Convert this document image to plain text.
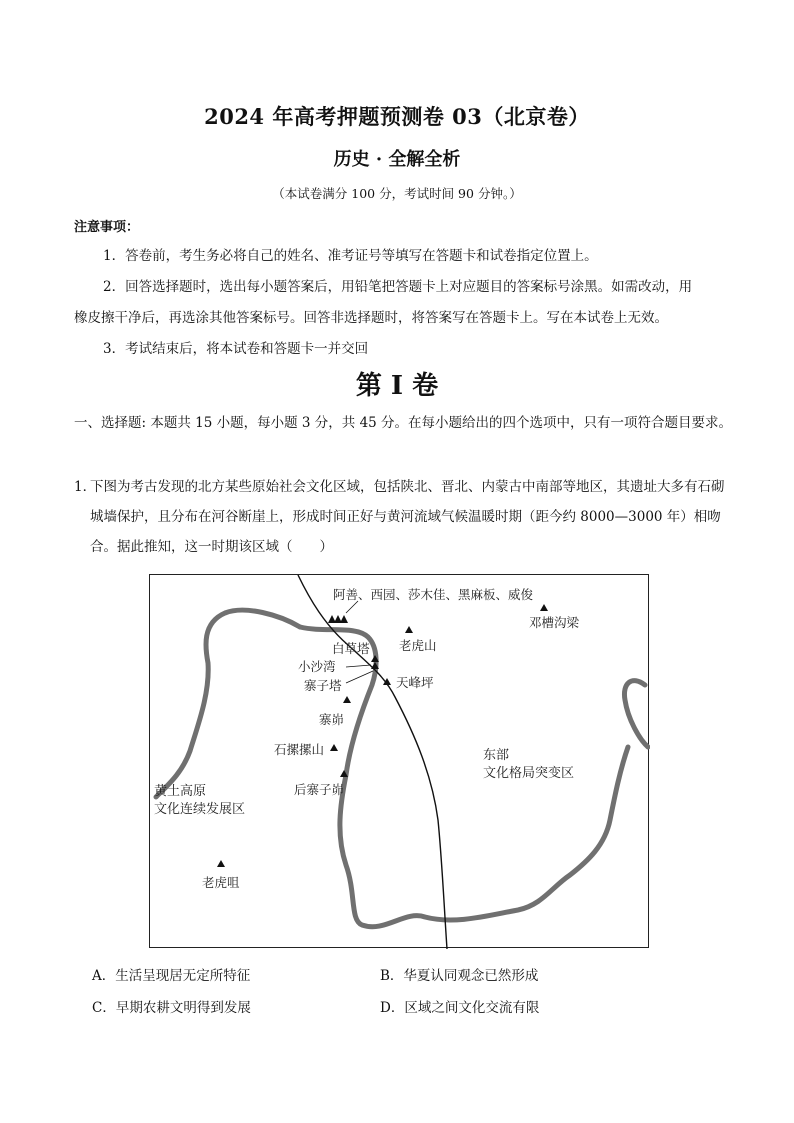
2024 年高考押题预测卷 03（北京卷）
历史 · 全解全析
（本试卷满分 100 分，考试时间 90 分钟。）
注意事项：
1．答卷前，考生务必将自己的姓名、准考证号等填写在答题卡和试卷指定位置上。
2．回答选择题时，选出每小题答案后，用铅笔把答题卡上对应题目的答案标号涂黑。如需改动，用
橡皮擦干净后，再选涂其他答案标号。回答非选择题时，将答案写在答题卡上。写在本试卷上无效。
3．考试结束后，将本试卷和答题卡一并交回
第 I 卷
一、选择题: 本题共 15 小题，每小题 3 分，共 45 分。在每小题给出的四个选项中，只有一项符合题目要求。
1．
下图为考古发现的北方某些原始社会文化区域，包括陕北、晋北、内蒙古中南部等地区，其遗址大多有石砌城墙保护，且分布在河谷断崖上，形成时间正好与黄河流域气候温暖时期（距今约 8000—3000 年）相吻合。据此推知，这一时期该区域（　　）
阿善、西园、莎木佳、黑麻板、威俊
邓槽沟梁
白草塔 老虎山
小沙湾
寨子塔	天峰坪
寨峁
石摞摞山
后寨子峁
老虎咀
东部
文化格局突变区
黄土高原
文化连续发展区
A．生活呈现居无定所特征	B．华夏认同观念已然形成
C．早期农耕文明得到发展	D．区域之间文化交流有限
